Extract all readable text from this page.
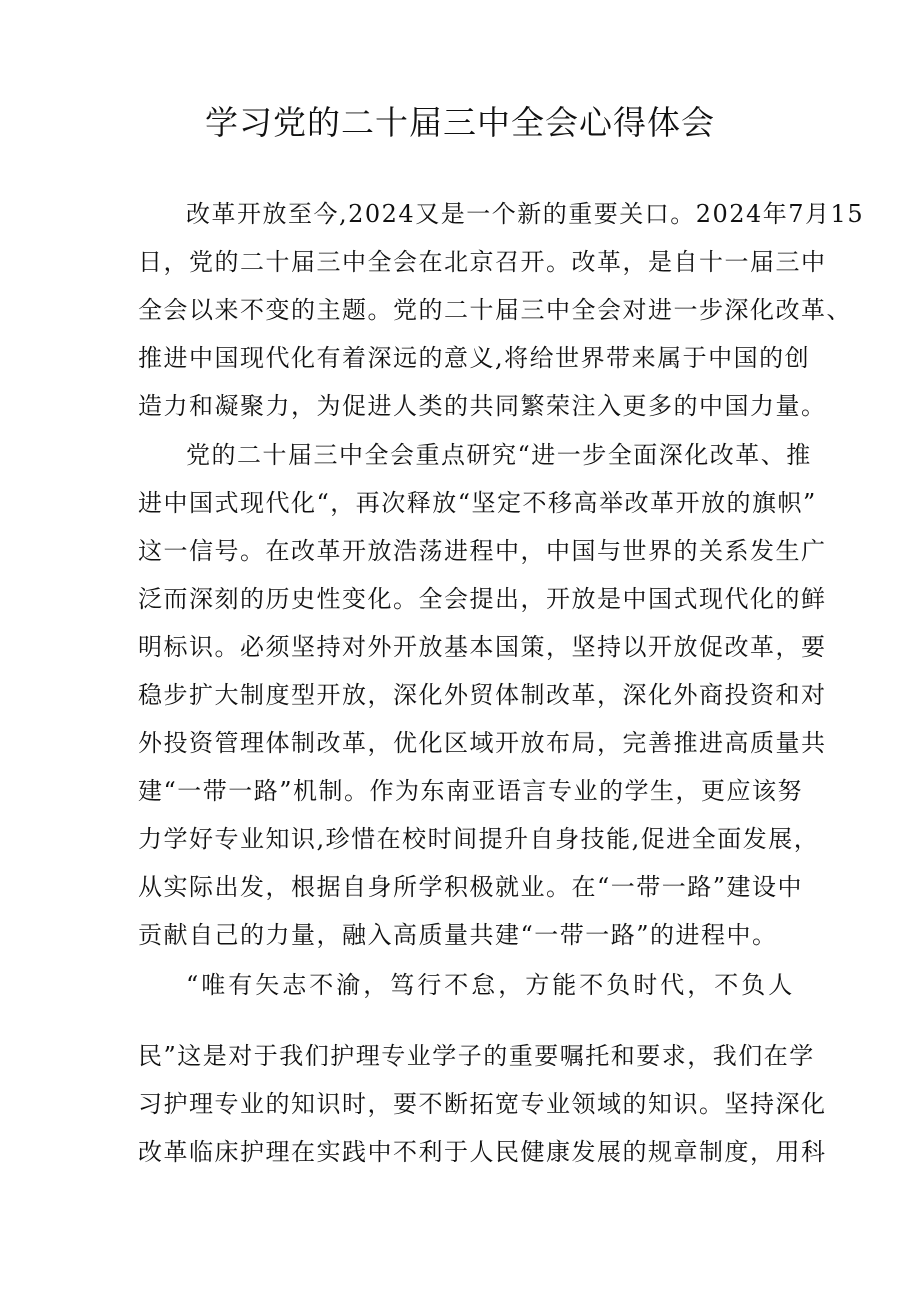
学习党的二十届三中全会心得体会
改革开放至今,2024又是一个新的重要关口。2024年7月15
日，党的二十届三中全会在北京召开。改革，是自十一届三中
全会以来不变的主题。党的二十届三中全会对进一步深化改革、
推进中国现代化有着深远的意义,将给世界带来属于中国的创
造力和凝聚力，为促进人类的共同繁荣注入更多的中国力量。
党的二十届三中全会重点研究“进一步全面深化改革、推
进中国式现代化“，再次释放“坚定不移高举改革开放的旗帜”
这一信号。在改革开放浩荡进程中，中国与世界的关系发生广
泛而深刻的历史性变化。全会提出，开放是中国式现代化的鲜
明标识。必须坚持对外开放基本国策，坚持以开放促改革，要
稳步扩大制度型开放，深化外贸体制改革，深化外商投资和对
外投资管理体制改革，优化区域开放布局，完善推进高质量共
建“一带一路”机制。作为东南亚语言专业的学生，更应该努
力学好专业知识,珍惜在校时间提升自身技能,促进全面发展，
从实际出发，根据自身所学积极就业。在“一带一路”建设中
贡献自己的力量，融入高质量共建“一带一路”的进程中。
“唯有矢志不渝，笃行不怠，方能不负时代，不负人
民”这是对于我们护理专业学子的重要嘱托和要求，我们在学
习护理专业的知识时，要不断拓宽专业领域的知识。坚持深化
改革临床护理在实践中不利于人民健康发展的规章制度，用科
